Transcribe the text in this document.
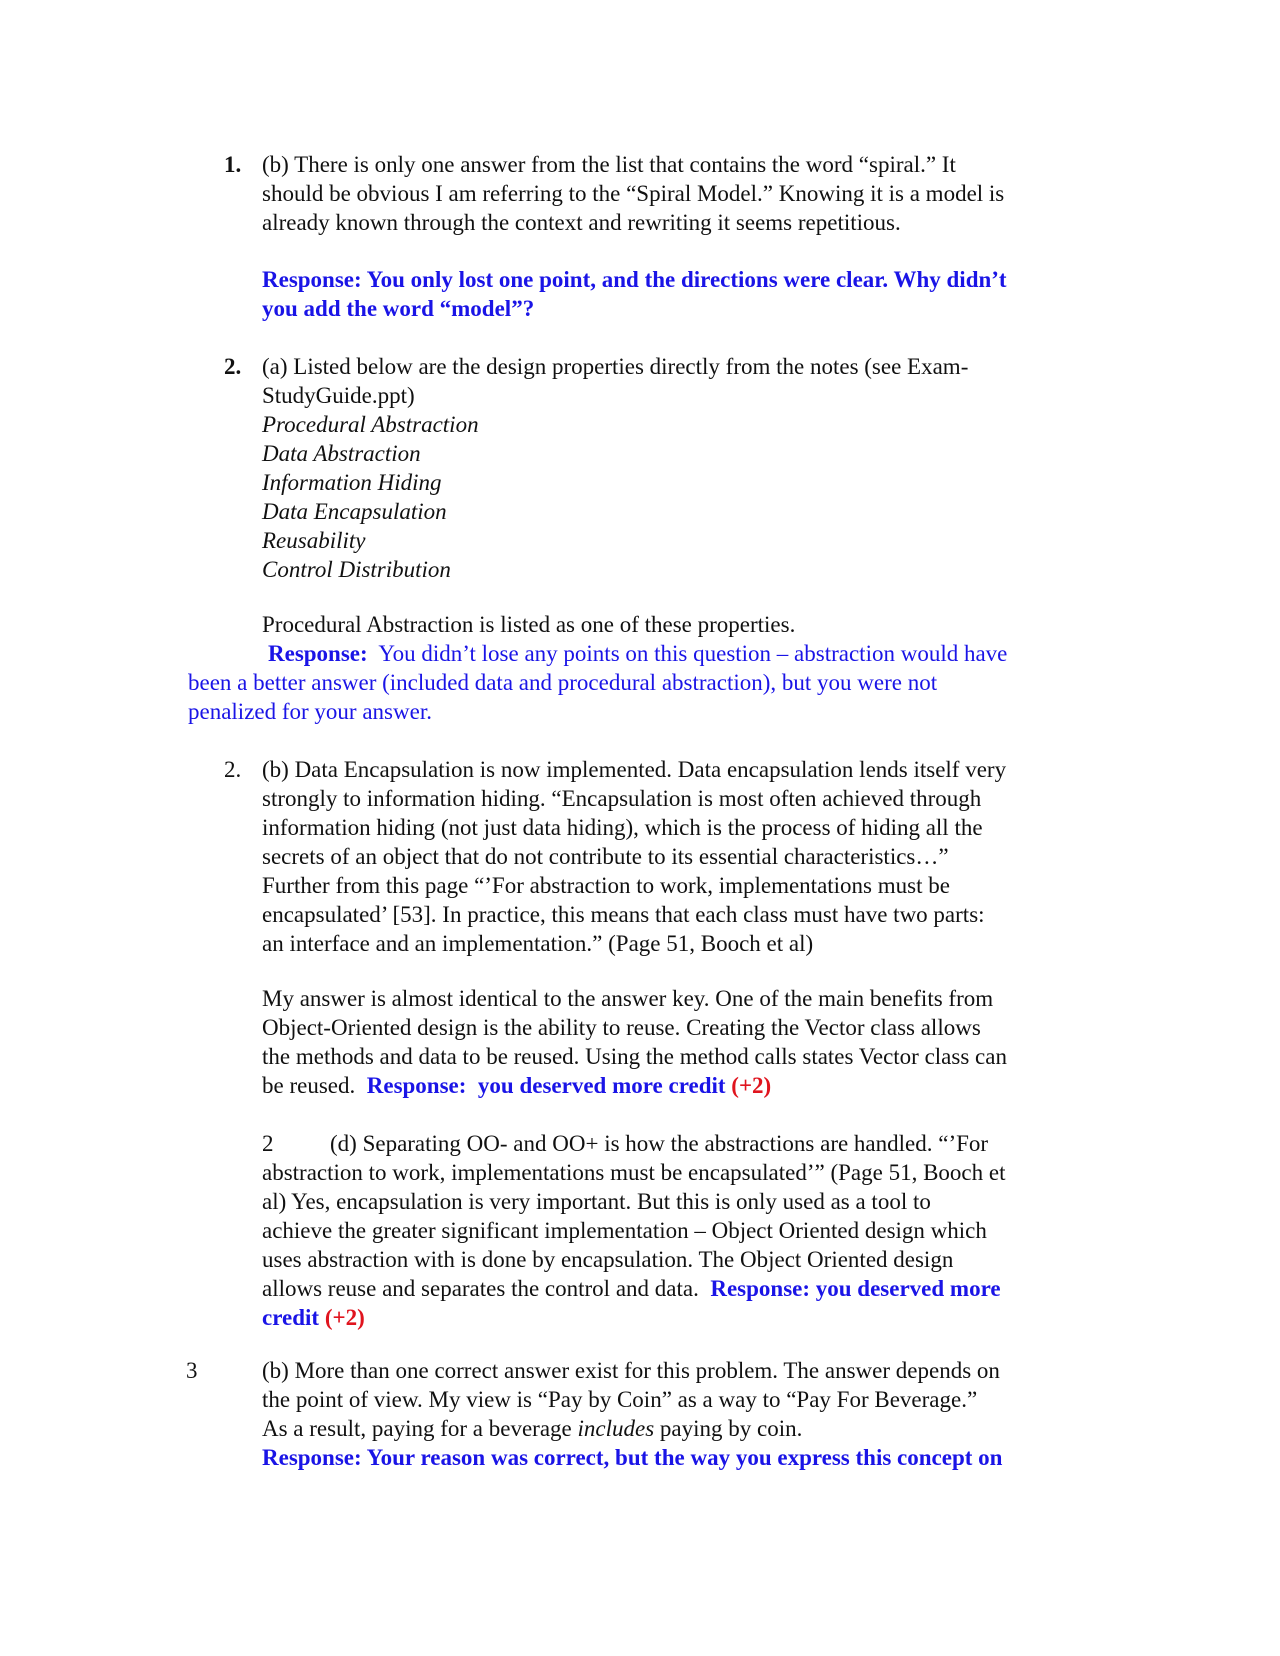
1. (b) There is only one answer from the list that contains the word “spiral.” It

should be obvious I am referring to the “Spiral Model.” Knowing it is a model is

already known through the context and rewriting it seems repetitious.

Response: You only lost one point, and the directions were clear. Why didn’t

you add the word “model”?

2. (a) Listed below are the design properties directly from the notes (see Exam-

StudyGuide.ppt)

Procedural Abstraction

Data Abstraction

Information Hiding

Data Encapsulation

Reusability

Control Distribution

Procedural Abstraction is listed as one of these properties.

Response:  You didn’t lose any points on this question – abstraction would have

been a better answer (included data and procedural abstraction), but you were not

penalized for your answer.

2. (b) Data Encapsulation is now implemented. Data encapsulation lends itself very

strongly to information hiding. “Encapsulation is most often achieved through

information hiding (not just data hiding), which is the process of hiding all the

secrets of an object that do not contribute to its essential characteristics…”

Further from this page “’For abstraction to work, implementations must be

encapsulated’ [53]. In practice, this means that each class must have two parts:

an interface and an implementation.” (Page 51, Booch et al)

My answer is almost identical to the answer key. One of the main benefits from

Object-Oriented design is the ability to reuse. Creating the Vector class allows

the methods and data to be reused. Using the method calls states Vector class can

be reused.  Response:  you deserved more credit (+2)

2 (d) Separating OO- and OO+ is how the abstractions are handled. “’For

abstraction to work, implementations must be encapsulated’” (Page 51, Booch et

al) Yes, encapsulation is very important. But this is only used as a tool to

achieve the greater significant implementation – Object Oriented design which

uses abstraction with is done by encapsulation. The Object Oriented design

allows reuse and separates the control and data.  Response: you deserved more

credit (+2)

3	(b) More than one correct answer exist for this problem. The answer depends on

the point of view. My view is “Pay by Coin” as a way to “Pay For Beverage.”

As a result, paying for a beverage includes paying by coin.

Response: Your reason was correct, but the way you express this concept on
